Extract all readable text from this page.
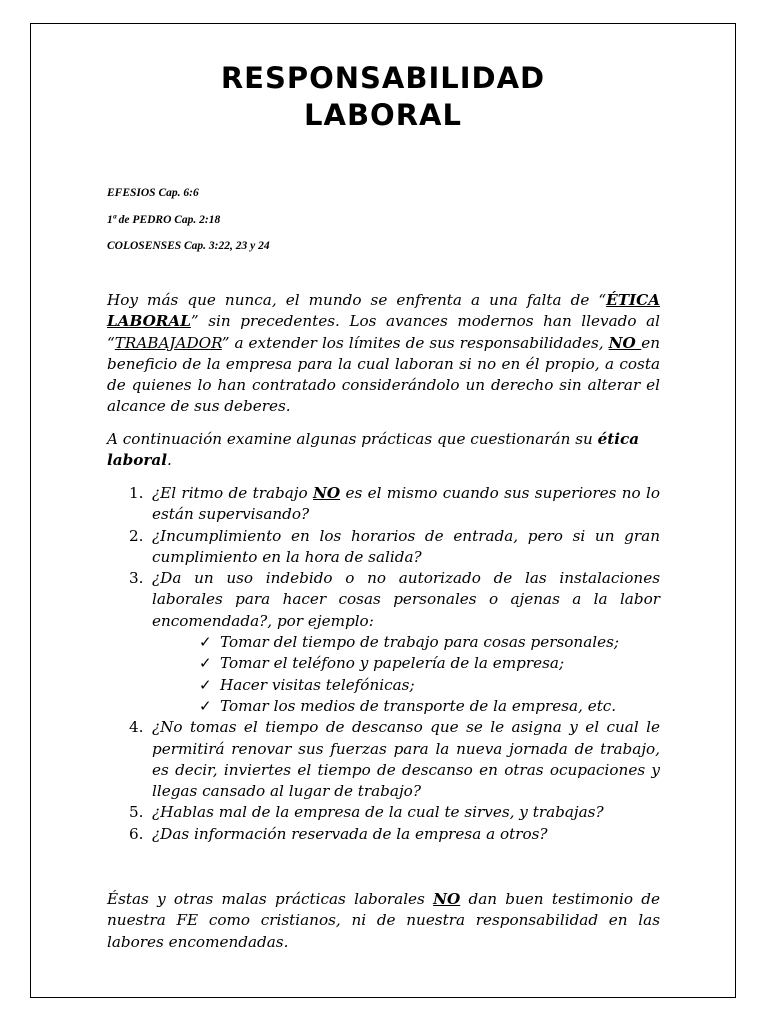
RESPONSABILIDAD
LABORAL
EFESIOS Cap. 6:6
1ª de PEDRO Cap. 2:18
COLOSENSES Cap. 3:22, 23 y 24
Hoy más que nunca, el mundo se enfrenta a una falta de “ÉTICA LABORAL” sin precedentes. Los avances modernos han llevado al “TRABAJADOR” a extender los límites de sus responsabilidades, NO en beneficio de la empresa para la cual laboran si no en él propio, a costa de quienes lo han contratado considerándolo un derecho sin alterar el alcance de sus deberes.
A continuación examine algunas prácticas que cuestionarán su ética laboral.
1. ¿El ritmo de trabajo NO es el mismo cuando sus superiores no lo están supervisando?
2. ¿Incumplimiento en los horarios de entrada, pero si un gran cumplimiento en la hora de salida?
3. ¿Da un uso indebido o no autorizado de las instalaciones laborales para hacer cosas personales o ajenas a la labor encomendada?, por ejemplo:
✓ Tomar del tiempo de trabajo para cosas personales;
✓ Tomar el teléfono y papelería de la empresa;
✓ Hacer visitas telefónicas;
✓ Tomar los medios de transporte de la empresa, etc.
4. ¿No tomas el tiempo de descanso que se le asigna y el cual le permitirá renovar sus fuerzas para la nueva jornada de trabajo, es decir, inviertes el tiempo de descanso en otras ocupaciones y llegas cansado al lugar de trabajo?
5. ¿Hablas mal de la empresa de la cual te sirves, y trabajas?
6. ¿Das información reservada de la empresa a otros?
Éstas y otras malas prácticas laborales NO dan buen testimonio de nuestra FE como cristianos, ni de nuestra responsabilidad en las labores encomendadas.
